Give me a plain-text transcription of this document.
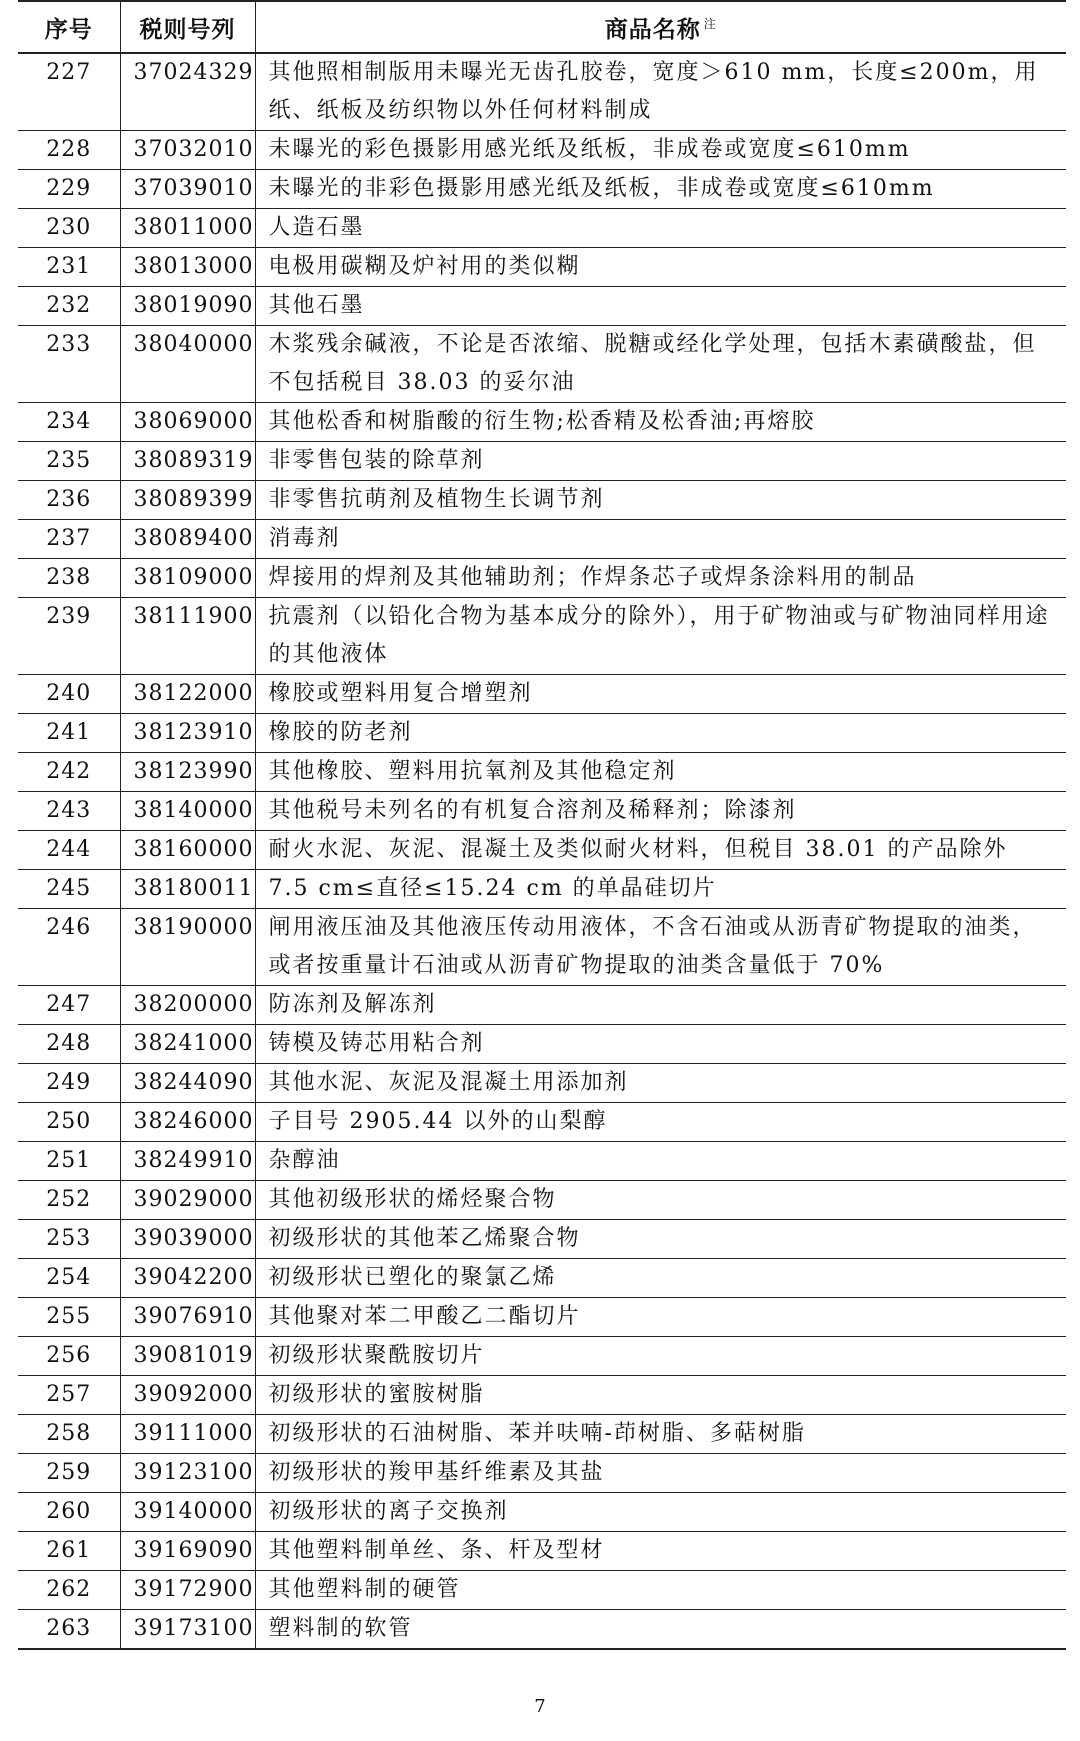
序号	税则号列	商品名称 $^注$
227	37024329	其他照相制版用未曝光无齿孔胶卷，宽度＞610 mm，长度≤200m，用纸、纸板及纺织物以外任何材料制成
228	37032010	未曝光的彩色摄影用感光纸及纸板，非成卷或宽度≤610mm
229	37039010	未曝光的非彩色摄影用感光纸及纸板，非成卷或宽度≤610mm
230	38011000	人造石墨
231	38013000	电极用碳糊及炉衬用的类似糊
232	38019090	其他石墨
233	38040000	木浆残余碱液，不论是否浓缩、脱糖或经化学处理，包括木素磺酸盐，但不包括税目 38.03 的妥尔油
234	38069000	其他松香和树脂酸的衍生物;松香精及松香油;再熔胶
235	38089319	非零售包装的除草剂
236	38089399	非零售抗萌剂及植物生长调节剂
237	38089400	消毒剂
238	38109000	焊接用的焊剂及其他辅助剂；作焊条芯子或焊条涂料用的制品
239	38111900	抗震剂（以铅化合物为基本成分的除外），用于矿物油或与矿物油同样用途的其他液体
240	38122000	橡胶或塑料用复合增塑剂
241	38123910	橡胶的防老剂
242	38123990	其他橡胶、塑料用抗氧剂及其他稳定剂
243	38140000	其他税号未列名的有机复合溶剂及稀释剂；除漆剂
244	38160000	耐火水泥、灰泥、混凝土及类似耐火材料，但税目 38.01 的产品除外
245	38180011	7.5 cm≤直径≤15.24 cm 的单晶硅切片
246	38190000	闸用液压油及其他液压传动用液体，不含石油或从沥青矿物提取的油类，或者按重量计石油或从沥青矿物提取的油类含量低于 70%
247	38200000	防冻剂及解冻剂
248	38241000	铸模及铸芯用粘合剂
249	38244090	其他水泥、灰泥及混凝土用添加剂
250	38246000	子目号 2905.44 以外的山梨醇
251	38249910	杂醇油
252	39029000	其他初级形状的烯烃聚合物
253	39039000	初级形状的其他苯乙烯聚合物
254	39042200	初级形状已塑化的聚氯乙烯
255	39076910	其他聚对苯二甲酸乙二酯切片
256	39081019	初级形状聚酰胺切片
257	39092000	初级形状的蜜胺树脂
258	39111000	初级形状的石油树脂、苯并呋喃-茚树脂、多萜树脂
259	39123100	初级形状的羧甲基纤维素及其盐
260	39140000	初级形状的离子交换剂
261	39169090	其他塑料制单丝、条、杆及型材
262	39172900	其他塑料制的硬管
263	39173100	塑料制的软管
7
